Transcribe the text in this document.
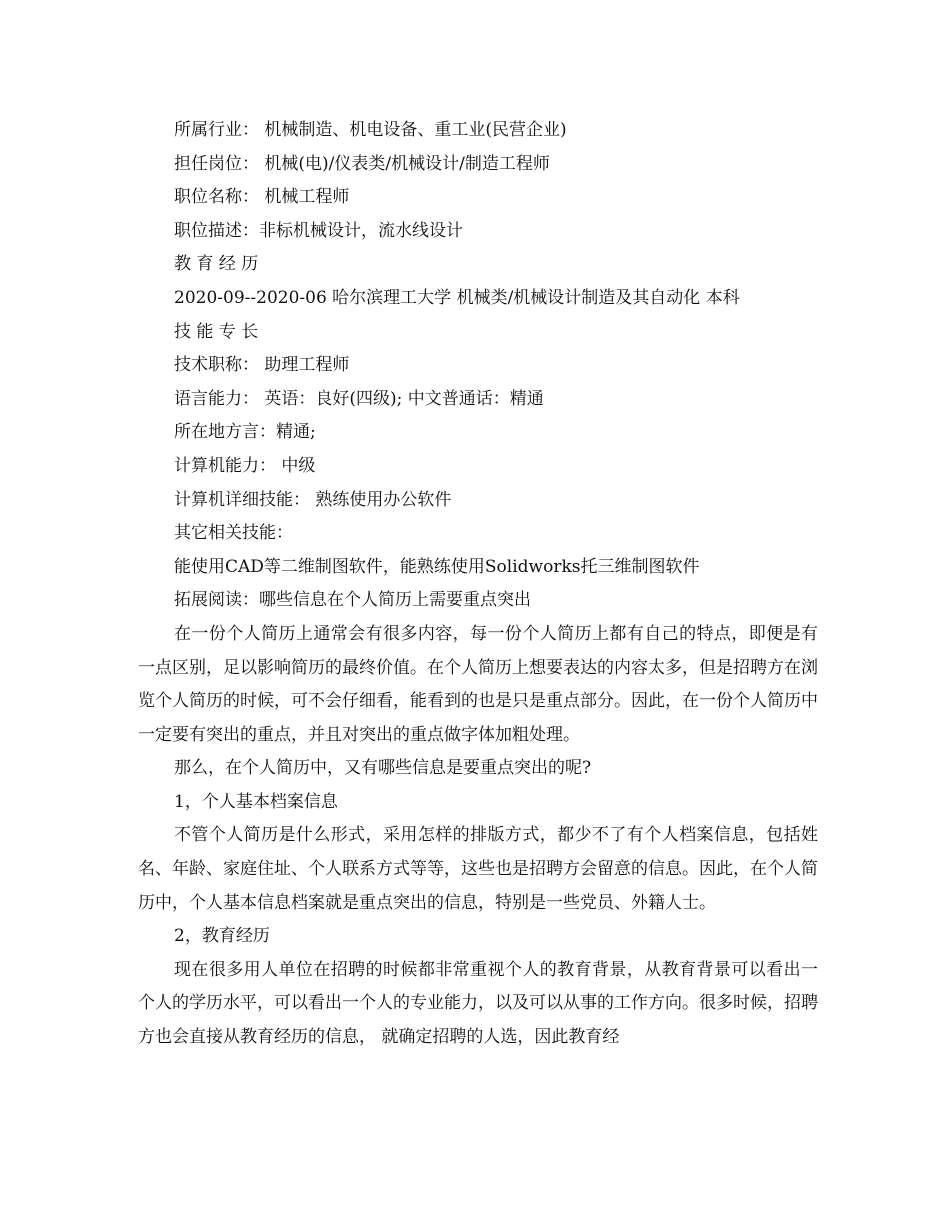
所属行业： 机械制造、机电设备、重工业(民营企业)
担任岗位： 机械(电)/仪表类/机械设计/制造工程师
职位名称： 机械工程师
职位描述：非标机械设计，流水线设计
教 育 经 历
2020-09--2020-06 哈尔滨理工大学 机械类/机械设计制造及其自动化 本科
技 能 专 长
技术职称： 助理工程师
语言能力： 英语：良好(四级); 中文普通话：精通
所在地方言：精通;
计算机能力： 中级
计算机详细技能： 熟练使用办公软件
其它相关技能：
能使用CAD等二维制图软件，能熟练使用Solidworks托三维制图软件
拓展阅读：哪些信息在个人简历上需要重点突出
在一份个人简历上通常会有很多内容，每一份个人简历上都有自己的特点，即便是有一点区别，足以影响简历的最终价值。在个人简历上想要表达的内容太多，但是招聘方在浏览个人简历的时候，可不会仔细看，能看到的也是只是重点部分。因此，在一份个人简历中一定要有突出的重点，并且对突出的重点做字体加粗处理。
那么，在个人简历中，又有哪些信息是要重点突出的呢?
1，个人基本档案信息
不管个人简历是什么形式，采用怎样的排版方式，都少不了有个人档案信息，包括姓名、年龄、家庭住址、个人联系方式等等，这些也是招聘方会留意的信息。因此，在个人简历中，个人基本信息档案就是重点突出的信息，特别是一些党员、外籍人士。
2，教育经历
现在很多用人单位在招聘的时候都非常重视个人的教育背景，从教育背景可以看出一个人的学历水平，可以看出一个人的专业能力，以及可以从事的工作方向。很多时候，招聘方也会直接从教育经历的信息， 就确定招聘的人选，因此教育经
